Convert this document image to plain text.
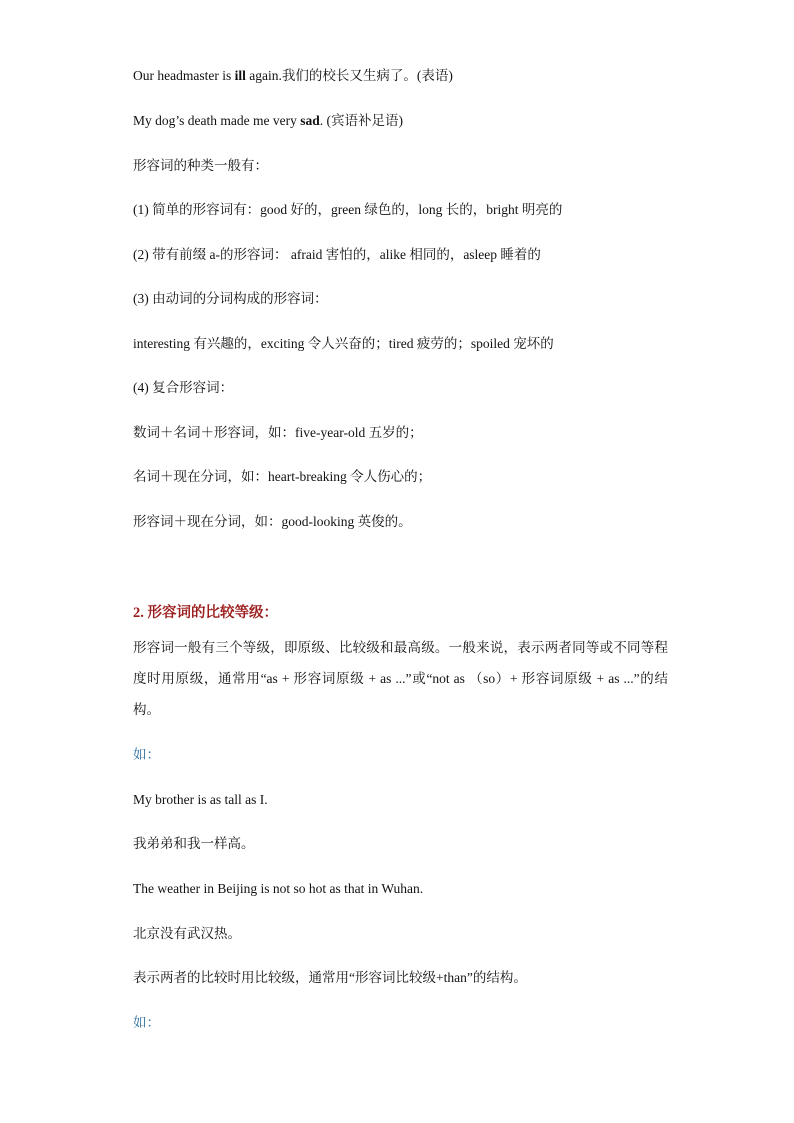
Our headmaster is ill again.我们的校长又生病了。(表语)
My dog’s death made me very sad. (宾语补足语)
形容词的种类一般有：
(1) 简单的形容词有：good 好的，green 绿色的，long 长的，bright 明亮的
(2) 带有前缀 a-的形容词： afraid 害怕的，alike 相同的，asleep 睡着的
(3) 由动词的分词构成的形容词：
interesting 有兴趣的，exciting 令人兴奋的；tired 疲劳的；spoiled 宠坏的
(4) 复合形容词：
数词＋名词＋形容词，如：five-year-old 五岁的；
名词＋现在分词，如：heart-breaking 令人伤心的；
形容词＋现在分词，如：good-looking 英俊的。
2. 形容词的比较等级：
形容词一般有三个等级，即原级、比较级和最高级。一般来说，表示两者同等或不同等程度时用原级，通常用“as + 形容词原级 + as ...”或“not as （so）+ 形容词原级 + as ...”的结构。
如：
My brother is as tall as I.
我弟弟和我一样高。
The weather in Beijing is not so hot as that in Wuhan.
北京没有武汉热。
表示两者的比较时用比较级，通常用“形容词比较级+than”的结构。
如：
